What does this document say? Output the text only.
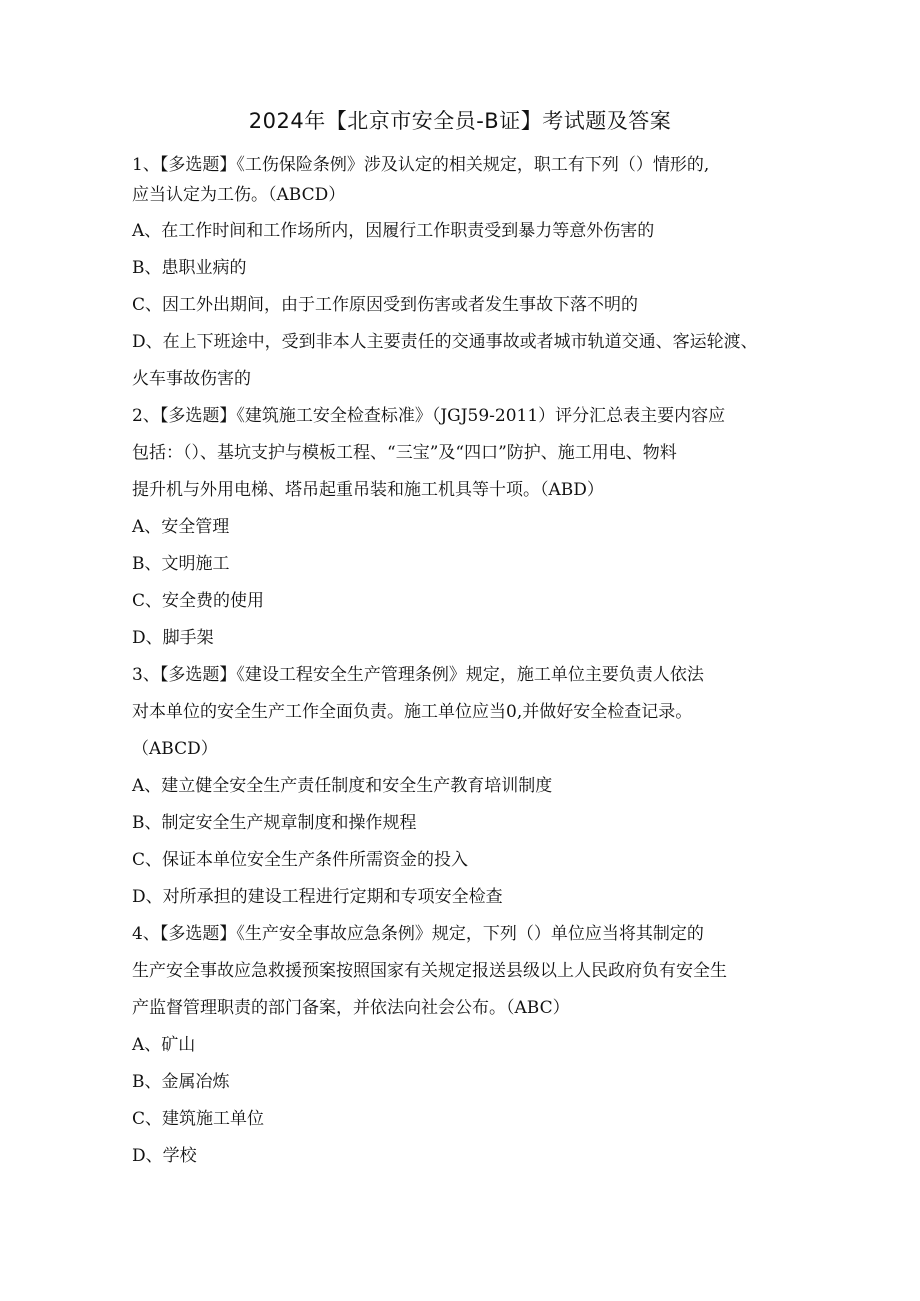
2024年【北京市安全员-B证】考试题及答案
1、【多选题】《工伤保险条例》涉及认定的相关规定，职工有下列（）情形的,
应当认定为工伤。（ABCD）
A、在工作时间和工作场所内，因履行工作职责受到暴力等意外伤害的
B、患职业病的
C、因工外出期间，由于工作原因受到伤害或者发生事故下落不明的
D、在上下班途中，受到非本人主要责任的交通事故或者城市轨道交通、客运轮渡、
火车事故伤害的
2、【多选题】《建筑施工安全检查标准》（JGJ59-2011）评分汇总表主要内容应
包括：（）、基坑支护与模板工程、“三宝”及“四口”防护、施工用电、物料
提升机与外用电梯、塔吊起重吊装和施工机具等十项。（ABD）
A、安全管理
B、文明施工
C、安全费的使用
D、脚手架
3、【多选题】《建设工程安全生产管理条例》规定，施工单位主要负责人依法
对本单位的安全生产工作全面负责。施工单位应当0,并做好安全检查记录。
（ABCD）
A、建立健全安全生产责任制度和安全生产教育培训制度
B、制定安全生产规章制度和操作规程
C、保证本单位安全生产条件所需资金的投入
D、对所承担的建设工程进行定期和专项安全检查
4、【多选题】《生产安全事故应急条例》规定，下列（）单位应当将其制定的
生产安全事故应急救援预案按照国家有关规定报送县级以上人民政府负有安全生
产监督管理职责的部门备案，并依法向社会公布。（ABC）
A、矿山
B、金属冶炼
C、建筑施工单位
D、学校
